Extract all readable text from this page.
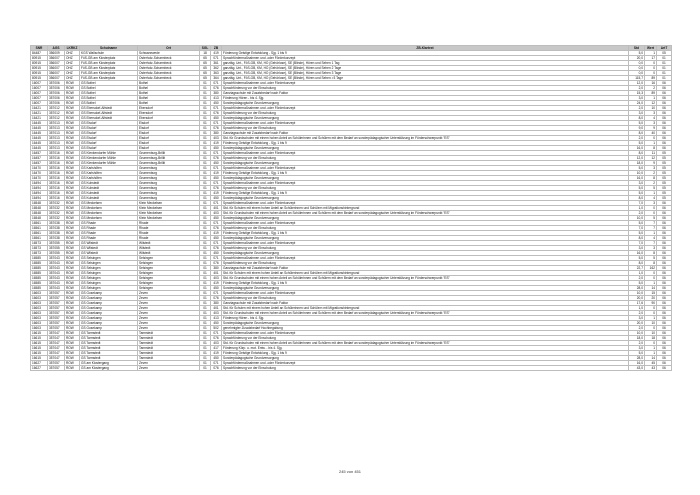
SNR	AGS	LKRKZ	Schulname	Ort	SGL	ZB	ZB-Klartext	Std	Wert	ArtT
84487	356009	OHZ	KGS Wallschule	Schwanewede	18	419	Förderung Geistige Entwicklung - Sjg. 1 bis 9	5,0	1	05
80915	356007	OHZ	FöS-GB am Klosterplatz	Osterholz-Scharmbeck	65	071	Sprachfördermaßnahmen und -oder Förderkonzept	20,0	17	01
80915	356007	OHZ	FöS-GB am Klosterplatz	Osterholz-Scharmbeck	65	361	ganztäg. Unt., FöS-GB, KM, HO (Gehörlose), SE (Blinde), Hören und Sehen 1 Tag	0,0	0	01
80915	356007	OHZ	FöS-GB am Klosterplatz	Osterholz-Scharmbeck	65	362	ganztäg. Unt., FöS-GB, KM, HO (Gehörlose), SE (Blinde), Hören und Sehen 2 Tage	0,0	0	01
80915	356007	OHZ	FöS-GB am Klosterplatz	Osterholz-Scharmbeck	65	363	ganztäg. Unt., FöS-GB, KM, HO (Gehörlose), SE (Blinde), Hören und Sehen 3 Tage	0,0	0	01
80915	356007	OHZ	FöS-GB am Klosterplatz	Osterholz-Scharmbeck	65	364	ganztäg. Unt., FöS-GB, KM, HO (Gehörlose), SE (Blinde), Hören und Sehen >3 Tage	115,7	89	01
16007	357006	ROW	GS Bothel	Bothel	01	071	Sprachfördermaßnahmen und -oder Förderkonzept	12,0	16	06
16007	357006	ROW	GS Bothel	Bothel	01	076	Sprachförderung vor der Einschulung	2,0	2	06
16007	357006	ROW	GS Bothel	Bothel	01	380	Ganztagsschule mit Zusatzbedarf nach Faktor	15,3	89	06
16007	357006	ROW	GS Bothel	Bothel	01	413	Förderung Hören - bis 4. Sjg.	3,0	1	06
16007	357006	ROW	GS Bothel	Bothel	01	450	Sonderpädagogische Grundversorgung	24,0	12	06
16421	357012	ROW	GS Ebersdorf-Alfstedt	Ebersdorf	01	071	Sprachfördermaßnahmen und -oder Förderkonzept	2,0	10	06
16421	357012	ROW	GS Ebersdorf-Alfstedt	Ebersdorf	01	076	Sprachförderung vor der Einschulung	3,0	3	06
16421	357012	ROW	GS Ebersdorf-Alfstedt	Ebersdorf	01	450	Sonderpädagogische Grundversorgung	8,0	4	06
16445	357013	ROW	GS Elsdorf	Elsdorf	01	071	Sprachfördermaßnahmen und -oder Förderkonzept	5,0	3	06
16445	357013	ROW	GS Elsdorf	Elsdorf	01	076	Sprachförderung vor der Einschulung	9,0	9	06
16445	357013	ROW	GS Elsdorf	Elsdorf	01	380	Ganztagsschule mit Zusatzbedarf nach Faktor	8,0	40	06
16445	357013	ROW	GS Elsdorf	Elsdorf	01	403	Std. für Grundschulen mit einem hohen Anteil an Schülerinnen und Schülern mit dem Bedarf an sonderpädagogischer Unterstützung im Förderschwerpunkt "ES"	2,0	0	06
16445	357013	ROW	GS Elsdorf	Elsdorf	01	419	Förderung Geistige Entwicklung - Sjg. 1 bis 9	5,0	1	06
16445	357013	ROW	GS Elsdorf	Elsdorf	01	450	Sonderpädagogische Grundversorgung	16,0	8	06
16457	357016	ROW	GS Klenkendorfer Mühle	Gnarrenburg-Brillit	01	071	Sprachfördermaßnahmen und -oder Förderkonzept	8,0	11	05
16457	357016	ROW	GS Klenkendorfer Mühle	Gnarrenburg-Brillit	01	076	Sprachförderung vor der Einschulung	12,0	12	05
16457	357016	ROW	GS Klenkendorfer Mühle	Gnarrenburg-Brillit	01	450	Sonderpädagogische Grundversorgung	18,0	9	05
16470	357016	ROW	GS Karlshöfen	Gnarrenburg	01	071	Sprachfördermaßnahmen und -oder Förderkonzept	5,0	3	05
16470	357016	ROW	GS Karlshöfen	Gnarrenburg	01	419	Förderung Geistige Entwicklung - Sjg. 1 bis 9	10,0	2	05
16470	357016	ROW	GS Karlshöfen	Gnarrenburg	01	450	Sonderpädagogische Grundversorgung	16,0	8	05
16494	357016	ROW	GS Kuhstedt	Gnarrenburg	01	071	Sprachfördermaßnahmen und -oder Förderkonzept	3,0	2	05
16494	357016	ROW	GS Kuhstedt	Gnarrenburg	01	076	Sprachförderung vor der Einschulung	5,0	5	05
16494	357016	ROW	GS Kuhstedt	Gnarrenburg	01	419	Förderung Geistige Entwicklung - Sjg. 1 bis 9	5,0	1	05
16494	357016	ROW	GS Kuhstedt	Gnarrenburg	01	450	Sonderpädagogische Grundversorgung	8,0	4	05
16548	357032	ROW	GS Meckelsen	Klein Meckelsen	01	071	Sprachfördermaßnahmen und -oder Förderkonzept	7,0	3	06
16548	357032	ROW	GS Meckelsen	Klein Meckelsen	01	401	Std. für Schulen mit einem hohen Anteil an Schülerinnen und Schülern mit Migrationshintergrund	1,0	0	06
16548	357032	ROW	GS Meckelsen	Klein Meckelsen	01	403	Std. für Grundschulen mit einem hohen Anteil an Schülerinnen und Schülern mit dem Bedarf an sonderpädagogischer Unterstützung im Förderschwerpunkt "ES"	2,0	0	06
16548	357032	ROW	GS Meckelsen	Klein Meckelsen	01	450	Sonderpädagogische Grundversorgung	10,0	5	06
16561	357038	ROW	GS Rhade	Rhade	01	071	Sprachfördermaßnahmen und -oder Förderkonzept	5,0	7	06
16561	357038	ROW	GS Rhade	Rhade	01	076	Sprachförderung vor der Einschulung	7,0	7	06
16561	357038	ROW	GS Rhade	Rhade	01	419	Förderung Geistige Entwicklung - Sjg. 1 bis 9	5,0	1	06
16561	357038	ROW	GS Rhade	Rhade	01	450	Sonderpädagogische Grundversorgung	8,0	4	06
16573	357055	ROW	GS Wilstedt	Wilstedt	01	071	Sprachfördermaßnahmen und -oder Förderkonzept	7,0	7	06
16573	357055	ROW	GS Wilstedt	Wilstedt	01	076	Sprachförderung vor der Einschulung	3,0	3	06
16573	357055	ROW	GS Wilstedt	Wilstedt	01	450	Sonderpädagogische Grundversorgung	16,0	8	06
16585	357043	ROW	GS Selsingen	Selsingen	01	071	Sprachfördermaßnahmen und -oder Förderkonzept	5,0	5	06
16585	357043	ROW	GS Selsingen	Selsingen	01	076	Sprachförderung vor der Einschulung	8,0	8	06
16585	357043	ROW	GS Selsingen	Selsingen	01	380	Ganztagsschule mit Zusatzbedarf nach Faktor	22,7	162	06
16585	357043	ROW	GS Selsingen	Selsingen	01	401	Std. für Schulen mit einem hohen Anteil an Schülerinnen und Schülern mit Migrationshintergrund	1,0	0	06
16585	357043	ROW	GS Selsingen	Selsingen	01	403	Std. für Grundschulen mit einem hohen Anteil an Schülerinnen und Schülern mit dem Bedarf an sonderpädagogischer Unterstützung im Förderschwerpunkt "ES"	2,0	0	06
16585	357043	ROW	GS Selsingen	Selsingen	01	419	Förderung Geistige Entwicklung - Sjg. 1 bis 9	5,0	1	06
16585	357043	ROW	GS Selsingen	Selsingen	01	450	Sonderpädagogische Grundversorgung	28,0	14	06
16603	357057	ROW	GS Gosekamp	Zeven	01	071	Sprachfördermaßnahmen und -oder Förderkonzept	10,0	15	06
16603	357057	ROW	GS Gosekamp	Zeven	01	076	Sprachförderung vor der Einschulung	20,0	20	06
16603	357057	ROW	GS Gosekamp	Zeven	01	380	Ganztagsschule mit Zusatzbedarf nach Faktor	17,6	90	06
16603	357057	ROW	GS Gosekamp	Zeven	01	401	Std. für Schulen mit einem hohen Anteil an Schülerinnen und Schülern mit Migrationshintergrund	1,0	0	06
16603	357057	ROW	GS Gosekamp	Zeven	01	403	Std. für Grundschulen mit einem hohen Anteil an Schülerinnen und Schülern mit dem Bedarf an sonderpädagogischer Unterstützung im Förderschwerpunkt "ES"	2,0	0	06
16603	357057	ROW	GS Gosekamp	Zeven	01	413	Förderung Hören - bis 4. Sjg.	3,0	1	06
16603	357057	ROW	GS Gosekamp	Zeven	01	450	Sonderpädagogische Grundversorgung	20,0	10	06
16603	357057	ROW	GS Gosekamp	Zeven	01	502	genehmigter Zusatzbedarf Hochbegabung	2,0	0	06
16615	357047	ROW	GS Tarmstedt	Tarmstedt	01	071	Sprachfördermaßnahmen und -oder Förderkonzept	10,0	10	06
16615	357047	ROW	GS Tarmstedt	Tarmstedt	01	076	Sprachförderung vor der Einschulung	18,0	18	06
16615	357047	ROW	GS Tarmstedt	Tarmstedt	01	403	Std. für Grundschulen mit einem hohen Anteil an Schülerinnen und Schülern mit dem Bedarf an sonderpädagogischer Unterstützung im Förderschwerpunkt "ES"	2,0	0	06
16615	357047	ROW	GS Tarmstedt	Tarmstedt	01	417	Förderung Körp. u. mot. Entw. - bis 4. Sjg.	3,0	1	06
16615	357047	ROW	GS Tarmstedt	Tarmstedt	01	419	Förderung Geistige Entwicklung - Sjg. 1 bis 9	5,0	1	06
16615	357047	ROW	GS Tarmstedt	Tarmstedt	01	450	Sonderpädagogische Grundversorgung	28,0	14	06
16627	357057	ROW	GS am Klostergang	Zeven	01	071	Sprachfördermaßnahmen und -oder Förderkonzept	16,0	45	06
16627	357057	ROW	GS am Klostergang	Zeven	01	076	Sprachförderung vor der Einschulung	43,0	43	06
245 von 451
